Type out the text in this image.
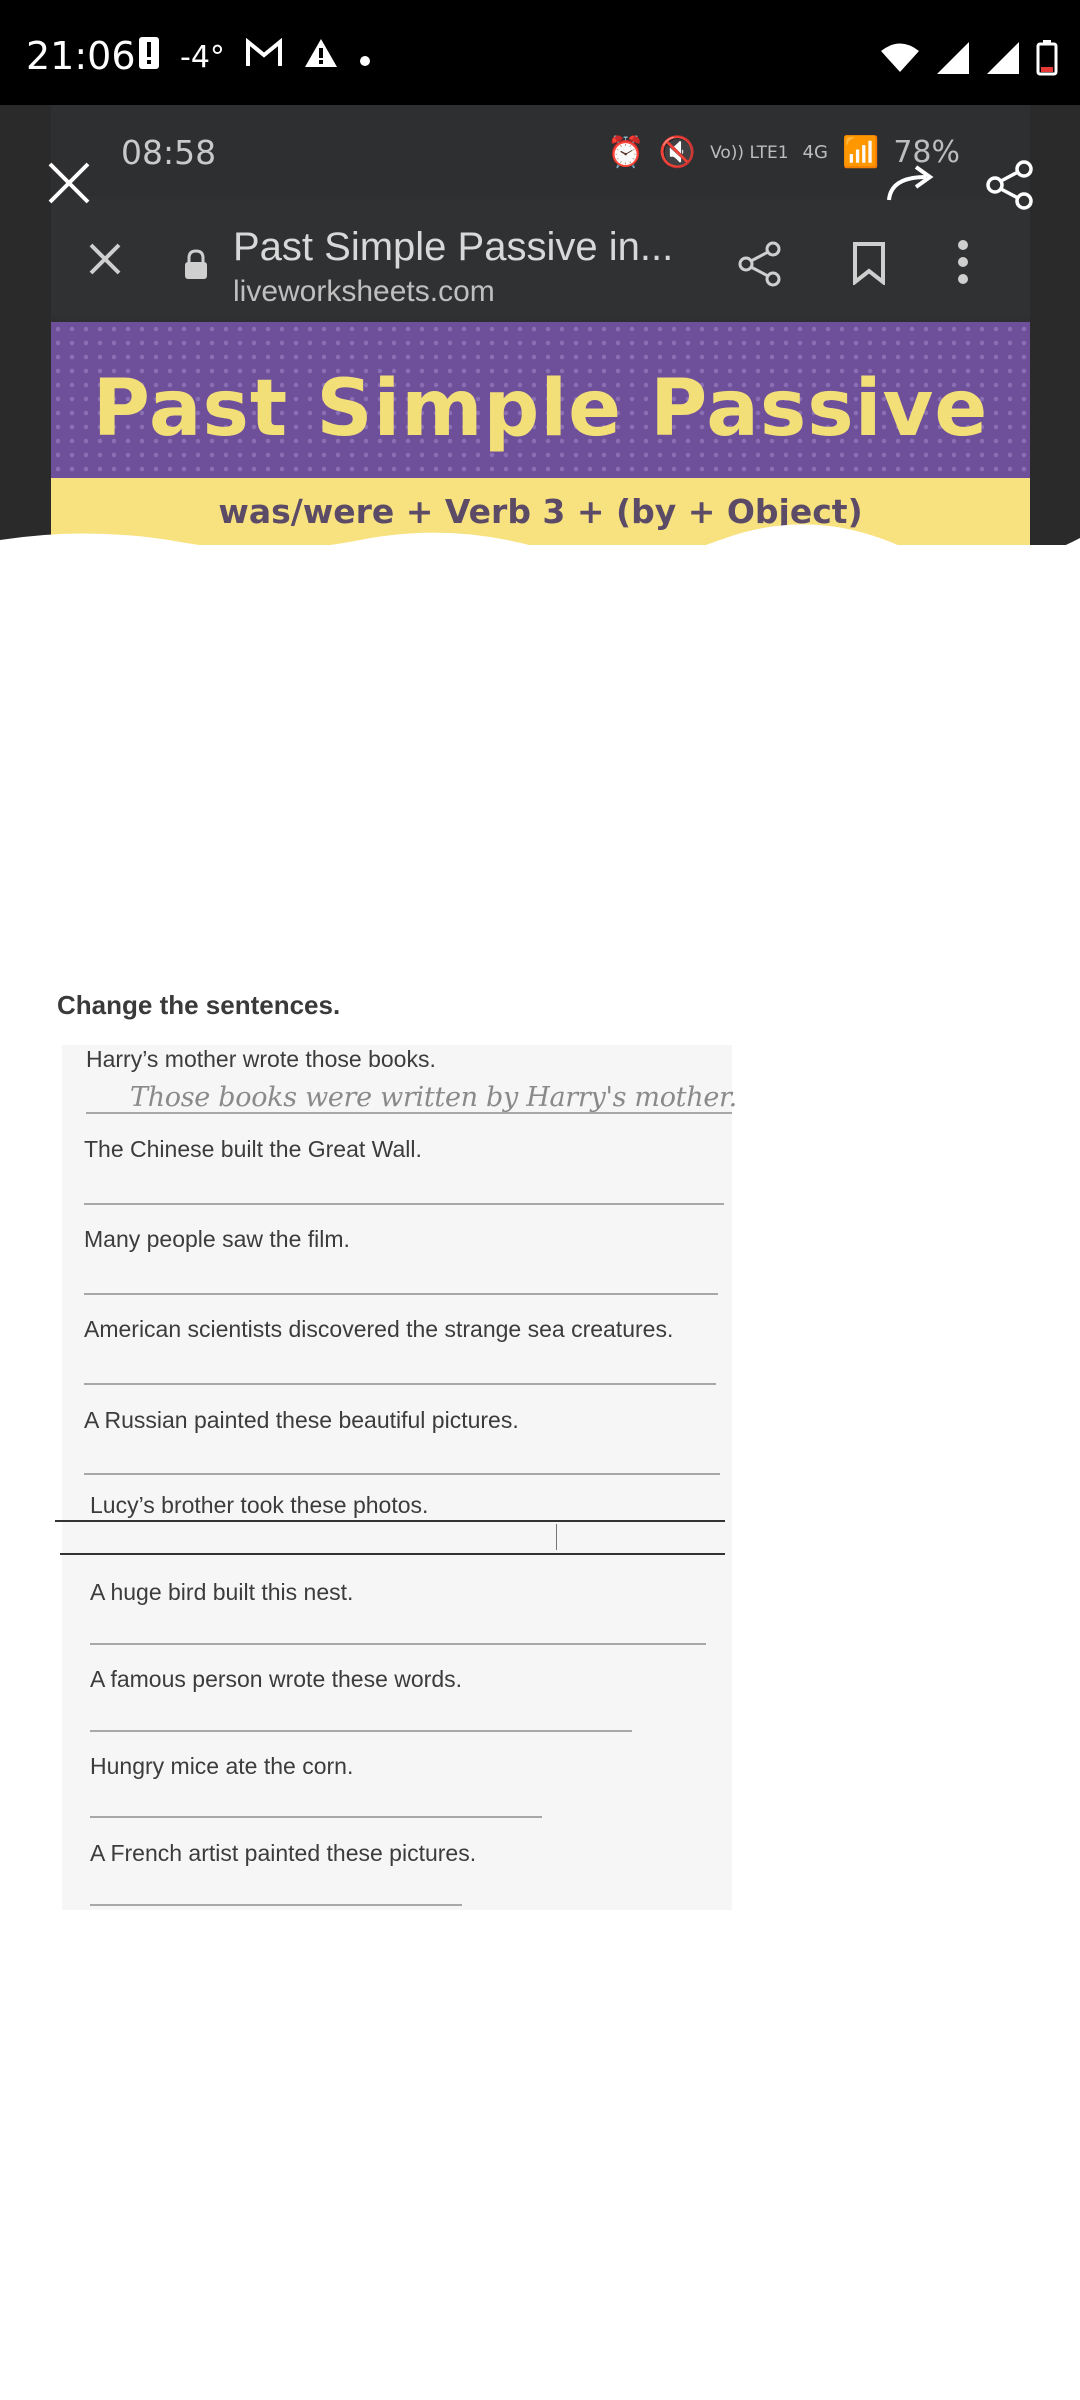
21:06 -4°
08:58	⏰ 🔇 Vo)) LTE1 4G 📶 78%
Past Simple Passive in...
liveworksheets.com
Past Simple Passive
was/were + Verb 3 + (by + Object)
Change the sentences.
Harry’s mother wrote those books.
Those books were written by Harry's mother.
The Chinese built the Great Wall.
Many people saw the film.
American scientists discovered the strange sea creatures.
A Russian painted these beautiful pictures.
Lucy’s brother took these photos.
A huge bird built this nest.
A famous person wrote these words.
Hungry mice ate the corn.
A French artist painted these pictures.
